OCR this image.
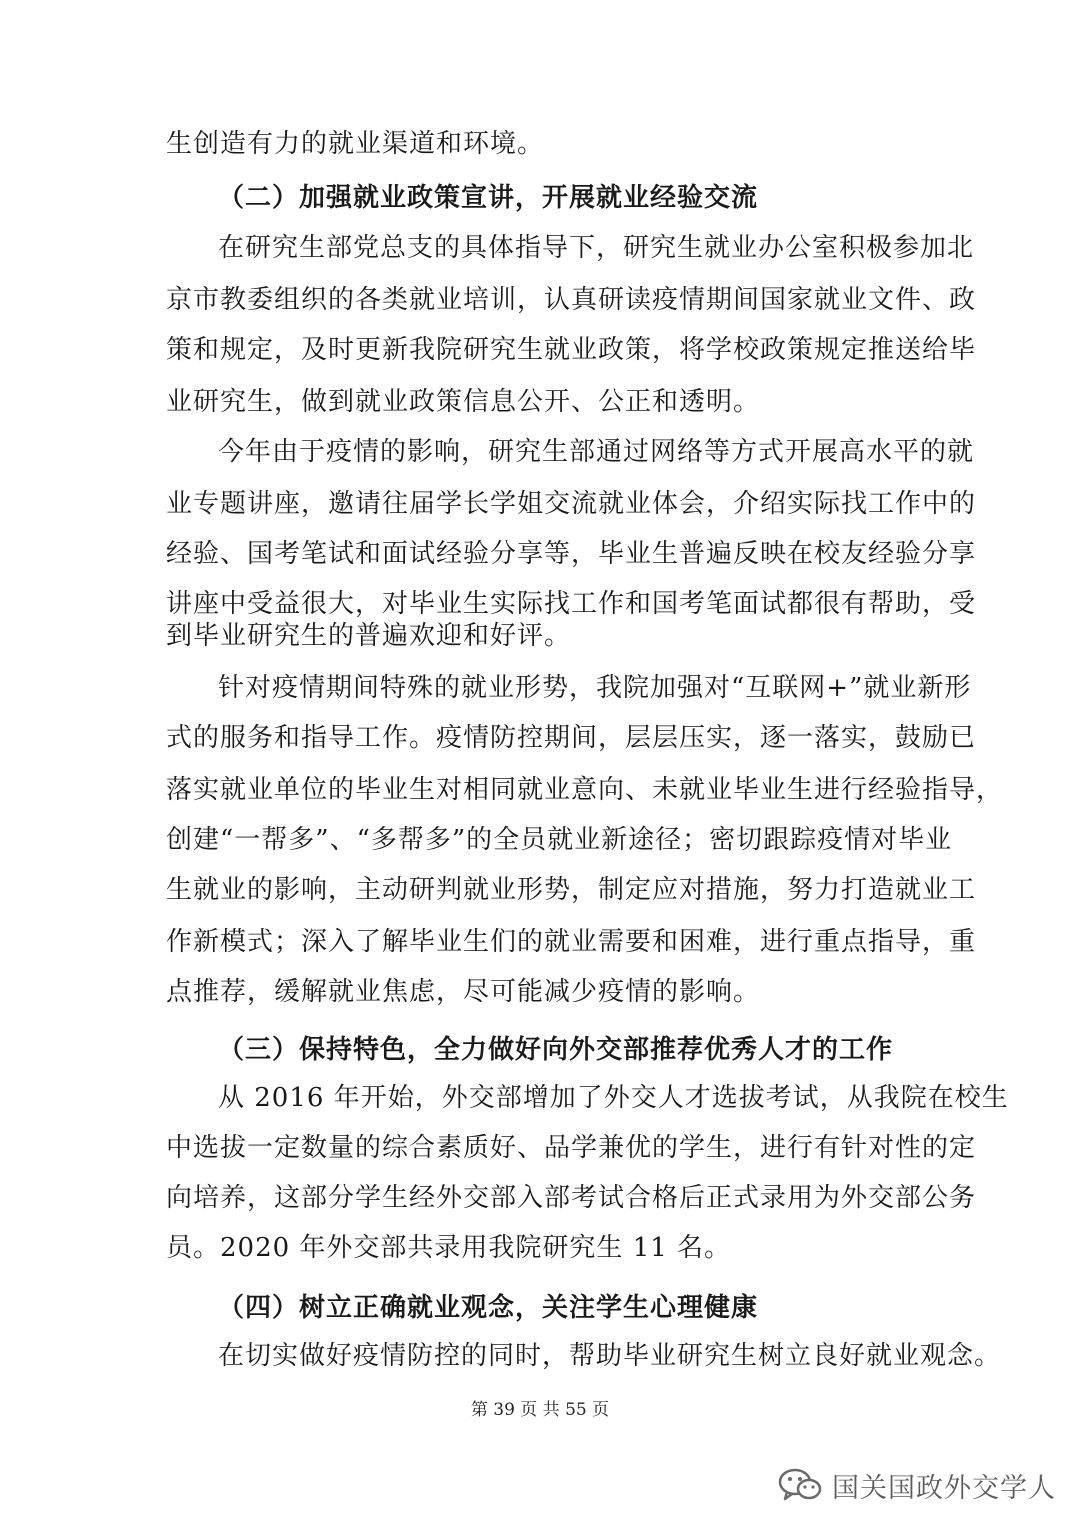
生创造有力的就业渠道和环境。
（二）加强就业政策宣讲，开展就业经验交流
在研究生部党总支的具体指导下，研究生就业办公室积极参加北
京市教委组织的各类就业培训，认真研读疫情期间国家就业文件、政
策和规定，及时更新我院研究生就业政策，将学校政策规定推送给毕
业研究生，做到就业政策信息公开、公正和透明。
今年由于疫情的影响，研究生部通过网络等方式开展高水平的就
业专题讲座，邀请往届学长学姐交流就业体会，介绍实际找工作中的
经验、国考笔试和面试经验分享等，毕业生普遍反映在校友经验分享
讲座中受益很大，对毕业生实际找工作和国考笔面试都很有帮助，受
到毕业研究生的普遍欢迎和好评。
针对疫情期间特殊的就业形势，我院加强对“互联网+”就业新形
式的服务和指导工作。疫情防控期间，层层压实，逐一落实，鼓励已
落实就业单位的毕业生对相同就业意向、未就业毕业生进行经验指导，
创建“一帮多”、“多帮多”的全员就业新途径；密切跟踪疫情对毕业
生就业的影响，主动研判就业形势，制定应对措施，努力打造就业工
作新模式；深入了解毕业生们的就业需要和困难，进行重点指导，重
点推荐，缓解就业焦虑，尽可能减少疫情的影响。
（三）保持特色，全力做好向外交部推荐优秀人才的工作
从 2016 年开始，外交部增加了外交人才选拔考试，从我院在校生
中选拔一定数量的综合素质好、品学兼优的学生，进行有针对性的定
向培养，这部分学生经外交部入部考试合格后正式录用为外交部公务
员。2020 年外交部共录用我院研究生 11 名。
（四）树立正确就业观念，关注学生心理健康
在切实做好疫情防控的同时，帮助毕业研究生树立良好就业观念。
第 39 页 共 55 页
国关国政外交学人
